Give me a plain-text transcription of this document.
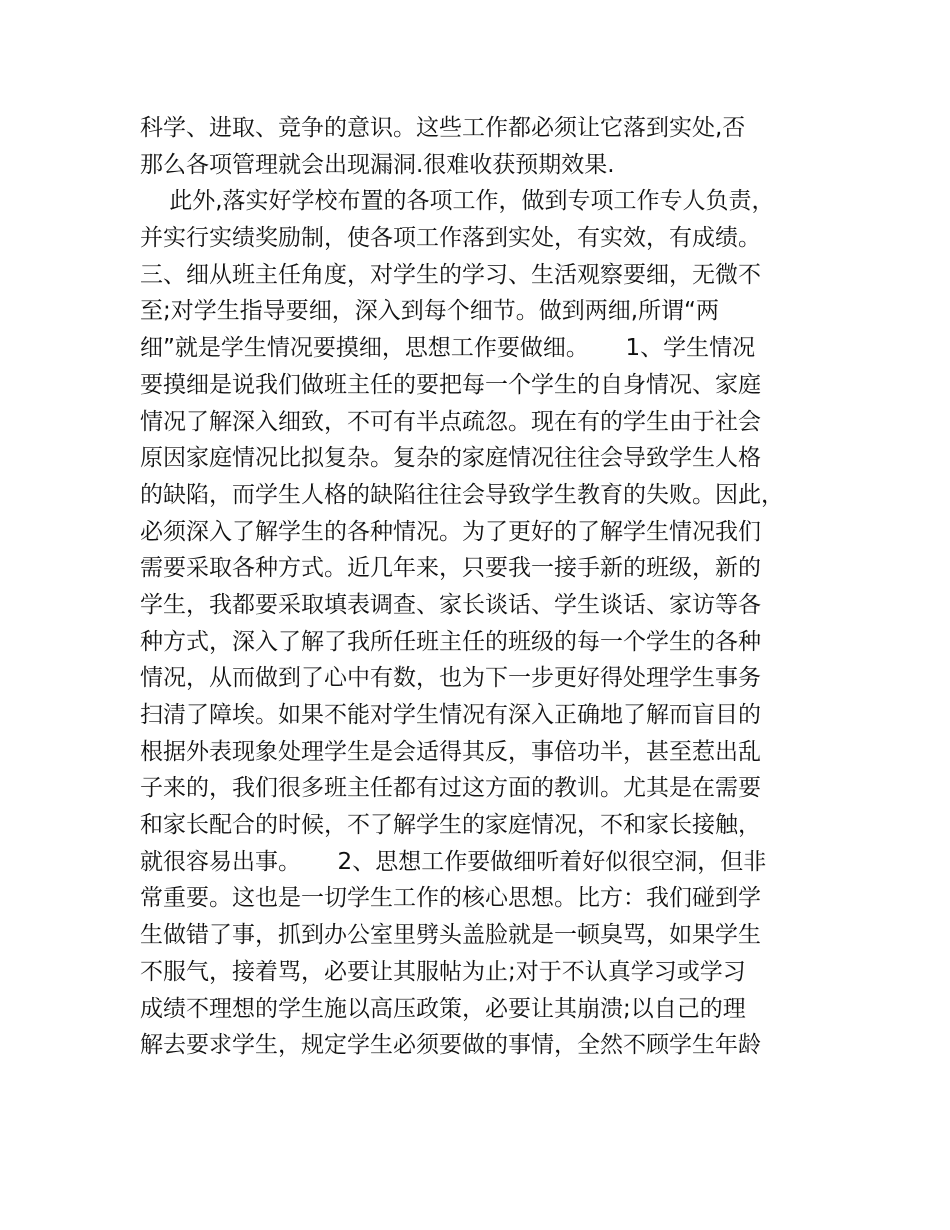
科学、进取、竞争的意识。这些工作都必须让它落到实处,否
那么各项管理就会出现漏洞.很难收获预期效果.
此外,落实好学校布置的各项工作，做到专项工作专人负责，
并实行实绩奖励制，使各项工作落到实处，有实效，有成绩。
三、细从班主任角度，对学生的学习、生活观察要细，无微不
至;对学生指导要细，深入到每个细节。做到两细,所谓“两
细”就是学生情况要摸细，思想工作要做细。     1、学生情况
要摸细是说我们做班主任的要把每一个学生的自身情况、家庭
情况了解深入细致，不可有半点疏忽。现在有的学生由于社会
原因家庭情况比拟复杂。复杂的家庭情况往往会导致学生人格
的缺陷，而学生人格的缺陷往往会导致学生教育的失败。因此，
必须深入了解学生的各种情况。为了更好的了解学生情况我们
需要采取各种方式。近几年来，只要我一接手新的班级，新的
学生，我都要采取填表调查、家长谈话、学生谈话、家访等各
种方式，深入了解了我所任班主任的班级的每一个学生的各种
情况，从而做到了心中有数，也为下一步更好得处理学生事务
扫清了障埃。如果不能对学生情况有深入正确地了解而盲目的
根据外表现象处理学生是会适得其反，事倍功半，甚至惹出乱
子来的，我们很多班主任都有过这方面的教训。尤其是在需要
和家长配合的时候，不了解学生的家庭情况，不和家长接触，
就很容易出事。     2、思想工作要做细听着好似很空洞，但非
常重要。这也是一切学生工作的核心思想。比方：我们碰到学
生做错了事，抓到办公室里劈头盖脸就是一顿臭骂，如果学生
不服气，接着骂，必要让其服帖为止;对于不认真学习或学习
成绩不理想的学生施以高压政策，必要让其崩溃;以自己的理
解去要求学生，规定学生必须要做的事情，全然不顾学生年龄
